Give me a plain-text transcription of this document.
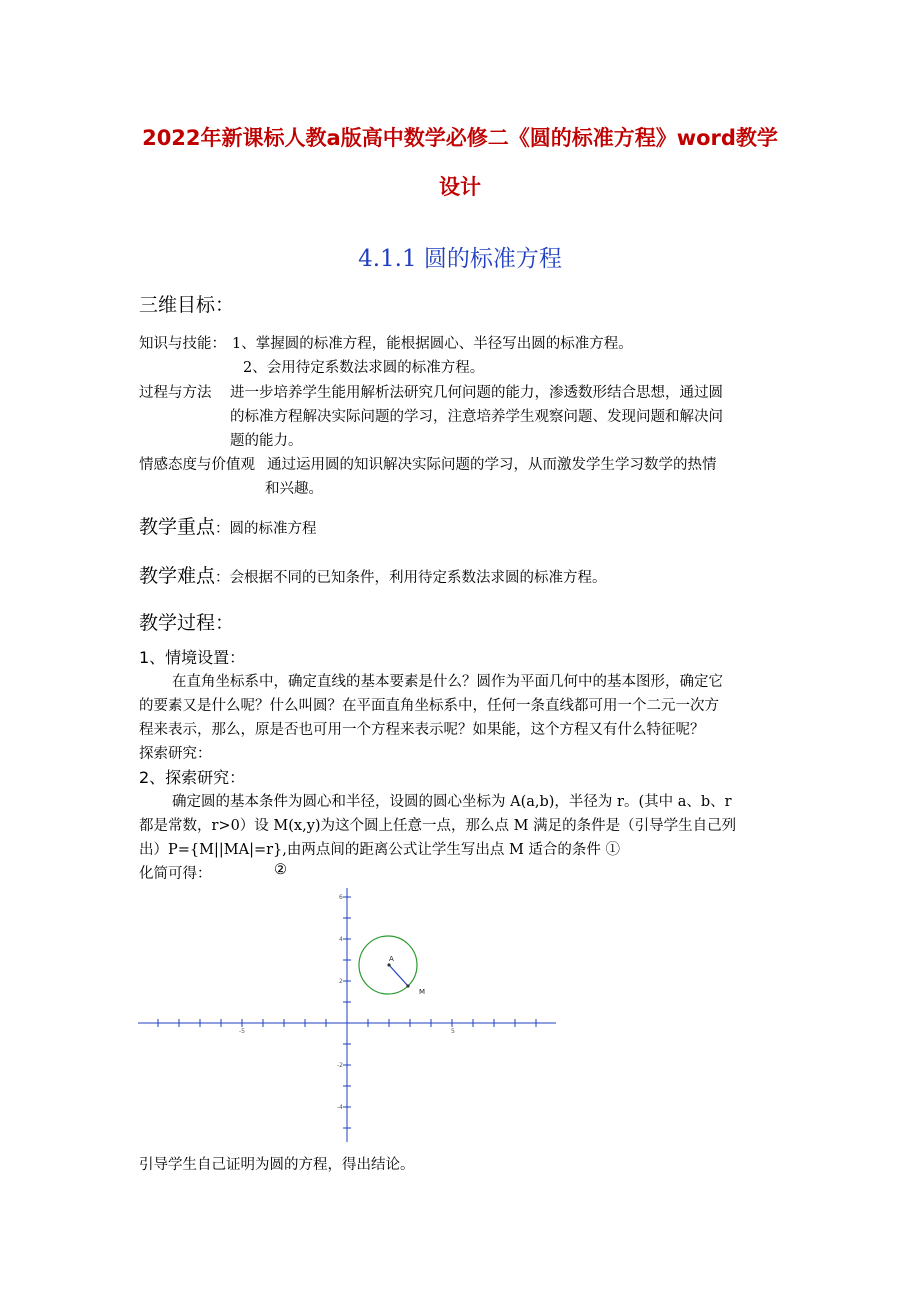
2022年新课标人教a版高中数学必修二《圆的标准方程》word教学
设计
4.1.1 圆的标准方程
三维目标：
知识与技能： 1、掌握圆的标准方程，能根据圆心、半径写出圆的标准方程。
2、会用待定系数法求圆的标准方程。
过程与方法 进一步培养学生能用解析法研究几何问题的能力，渗透数形结合思想，通过圆
的标准方程解决实际问题的学习，注意培养学生观察问题、发现问题和解决问
题的能力。
情感态度与价值观 通过运用圆的知识解决实际问题的学习，从而激发学生学习数学的热情
和兴趣。
教学重点：圆的标准方程
教学难点：会根据不同的已知条件，利用待定系数法求圆的标准方程。
教学过程：
1、情境设置：
在直角坐标系中，确定直线的基本要素是什么？圆作为平面几何中的基本图形，确定它
的要素又是什么呢？什么叫圆？在平面直角坐标系中，任何一条直线都可用一个二元一次方
程来表示，那么，原是否也可用一个方程来表示呢？如果能，这个方程又有什么特征呢？
探索研究：
2、探索研究：
确定圆的基本条件为圆心和半径，设圆的圆心坐标为 A(a,b)，半径为 r。(其中 a、b、r
都是常数，r>0）设 M(x,y)为这个圆上任意一点，那么点 M 满足的条件是（引导学生自己列
出）P={M||MA|=r},由两点间的距离公式让学生写出点 M 适合的条件 ①
化简可得：	②
-5	5
6
4
2
-2
-4
A
M
引导学生自己证明为圆的方程，得出结论。
